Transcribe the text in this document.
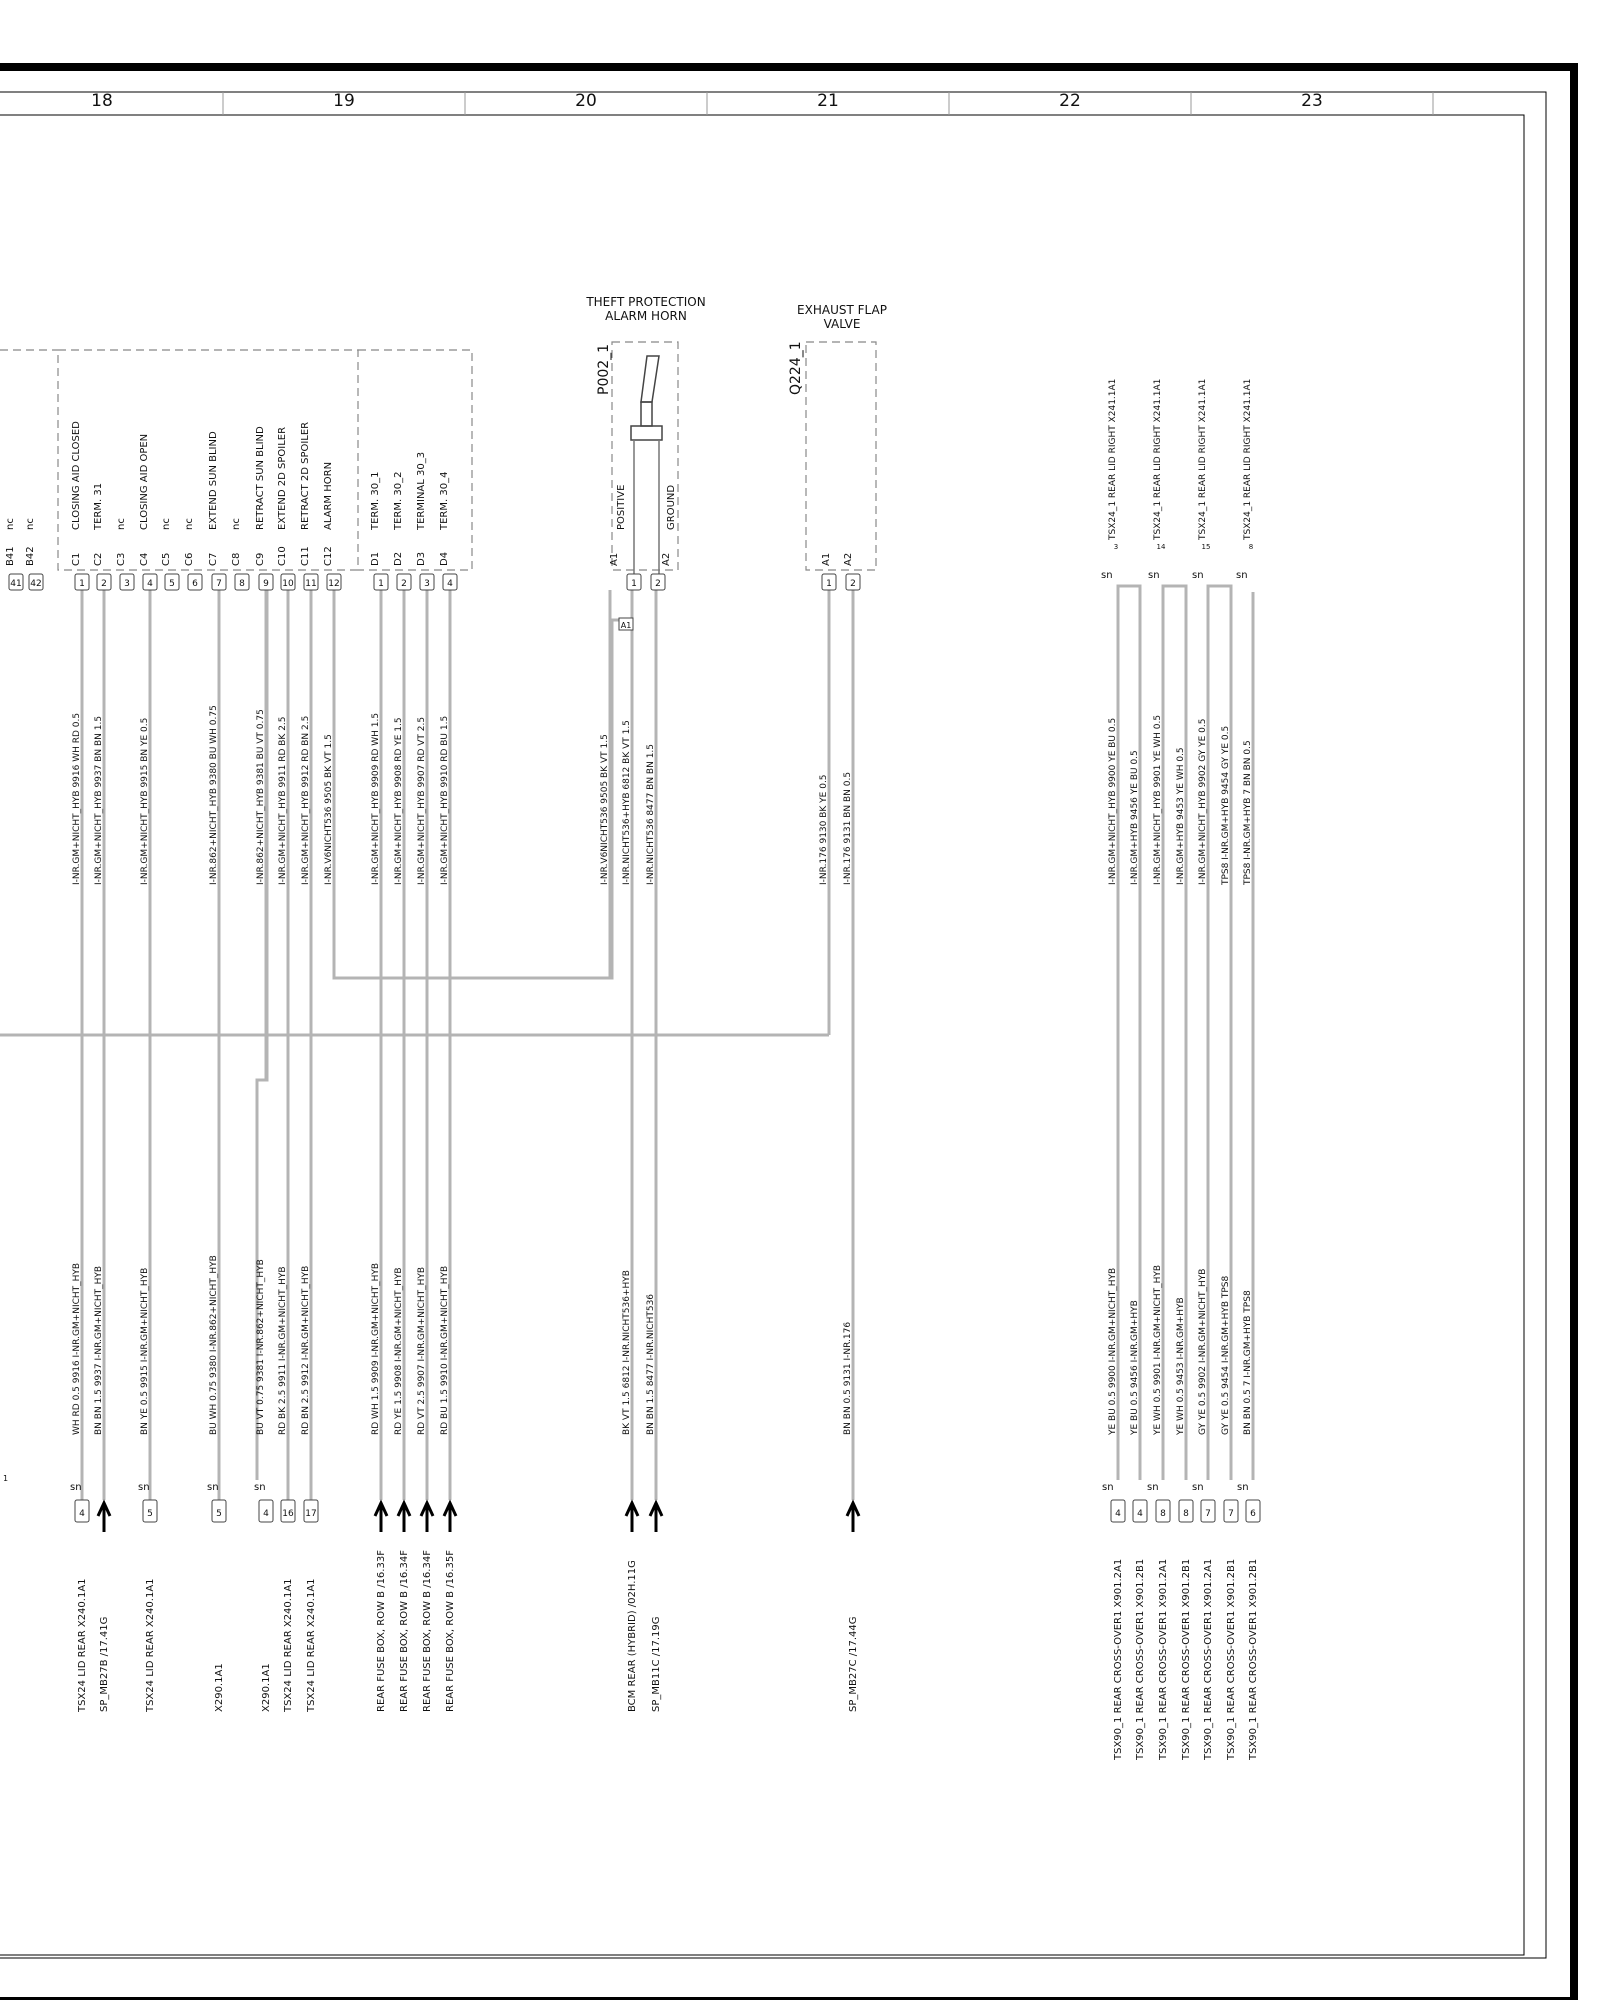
18	19	20	21	22	23
I-NR.GM+NICHT_HYB 9916 WH RD 0.5
WH RD 0.5 9916 I-NR.GM+NICHT_HYB
4
TSX24 LID REAR X240.1A1
I-NR.GM+NICHT_HYB 9937 BN BN 1.5
BN BN 1.5 9937 I-NR.GM+NICHT_HYB
SP_MB27B /17.41G
I-NR.GM+NICHT_HYB 9915 BN YE 0.5
BN YE 0.5 9915 I-NR.GM+NICHT_HYB
5
TSX24 LID REAR X240.1A1
I-NR.862+NICHT_HYB 9380 BU WH 0.75
BU WH 0.75 9380 I-NR.862+NICHT_HYB
5
X290.1A1
I-NR.862+NICHT_HYB 9381 BU VT 0.75
BU VT 0.75 9381 I-NR.862+NICHT_HYB
4
X290.1A1
I-NR.GM+NICHT_HYB 9911 RD BK 2.5
RD BK 2.5 9911 I-NR.GM+NICHT_HYB
16
TSX24 LID REAR X240.1A1
I-NR.GM+NICHT_HYB 9912 RD BN 2.5
RD BN 2.5 9912 I-NR.GM+NICHT_HYB
17
TSX24 LID REAR X240.1A1
I-NR.V6NICHT536 9505 BK VT 1.5	I-NR.GM+NICHT_HYB 9909 RD WH 1.5
RD WH 1.5 9909 I-NR.GM+NICHT_HYB
REAR FUSE BOX, ROW B /16.33F
I-NR.GM+NICHT_HYB 9908 RD YE 1.5
RD YE 1.5 9908 I-NR.GM+NICHT_HYB
REAR FUSE BOX, ROW B /16.34F
I-NR.GM+NICHT_HYB 9907 RD VT 2.5
RD VT 2.5 9907 I-NR.GM+NICHT_HYB
REAR FUSE BOX, ROW B /16.34F
I-NR.GM+NICHT_HYB 9910 RD BU 1.5
RD BU 1.5 9910 I-NR.GM+NICHT_HYB
REAR FUSE BOX, ROW B /16.35F
I-NR.V6NICHT536 9505 BK VT 1.5 I-NR.NICHT536+HYB 6812 BK VT 1.5
BK VT 1.5 6812 I-NR.NICHT536+HYB
BCM REAR (HYBRID) /02H.11G
I-NR.NICHT536 8477 BN BN 1.5
BN BN 1.5 8477 I-NR.NICHT536
SP_MB11C /17.19G
I-NR.176 9130 BK YE 0.5 I-NR.176 9131 BN BN 0.5
BN BN 0.5 9131 I-NR.176
SP_MB27C /17.44G
I-NR.GM+NICHT_HYB 9900 YE BU 0.5
YE BU 0.5 9900 I-NR.GM+NICHT_HYB
4
TSX90_1 REAR CROSS-OVER1 X901.2A1
I-NR.GM+HYB 9456 YE BU 0.5
YE BU 0.5 9456 I-NR.GM+HYB
4
TSX90_1 REAR CROSS-OVER1 X901.2B1
I-NR.GM+NICHT_HYB 9901 YE WH 0.5
YE WH 0.5 9901 I-NR.GM+NICHT_HYB
8
TSX90_1 REAR CROSS-OVER1 X901.2A1
I-NR.GM+HYB 9453 YE WH 0.5
YE WH 0.5 9453 I-NR.GM+HYB
8
TSX90_1 REAR CROSS-OVER1 X901.2B1
I-NR.GM+NICHT_HYB 9902 GY YE 0.5
GY YE 0.5 9902 I-NR.GM+NICHT_HYB
7
TSX90_1 REAR CROSS-OVER1 X901.2A1
TPS8 I-NR.GM+HYB 9454 GY YE 0.5
GY YE 0.5 9454 I-NR.GM+HYB TPS8
7
TSX90_1 REAR CROSS-OVER1 X901.2B1
TPS8 I-NR.GM+HYB 7 BN BN 0.5
BN BN 0.5 7 I-NR.GM+HYB TPS8
6
TSX90_1 REAR CROSS-OVER1 X901.2B1
sn	sn	sn	sn
TSX24_1 REAR LID RIGHT X241.1A1
3
TSX24_1 REAR LID RIGHT X241.1A1
14
TSX24_1 REAR LID RIGHT X241.1A1
15
TSX24_1 REAR LID RIGHT X241.1A1
8
sn	sn	sn	sn
sn	sn	sn	sn
A1
1
THEFT PROTECTION
ALARM HORN
P002_1
A1
POSITIVE
A2
GROUND
EXHAUST FLAP
VALVE
Q224_1
A1 A2
B41
nc
41
B42
nc
42
C1
CLOSING AID CLOSED
1
C2
TERM. 31
2
C3
nc
3
C4
CLOSING AID OPEN
4
C5
nc
5
C6
nc
6
C7
EXTEND SUN BLIND
7
C8
nc
8
C9
RETRACT SUN BLIND
9
C10
EXTEND 2D SPOILER
10
C11
RETRACT 2D SPOILER
11
C12
ALARM HORN
12
D1
TERM. 30_1
1
D2
TERM. 30_2
2
D3
TERMINAL 30_3
3
D4
TERM. 30_4
4	1 2	1 2
